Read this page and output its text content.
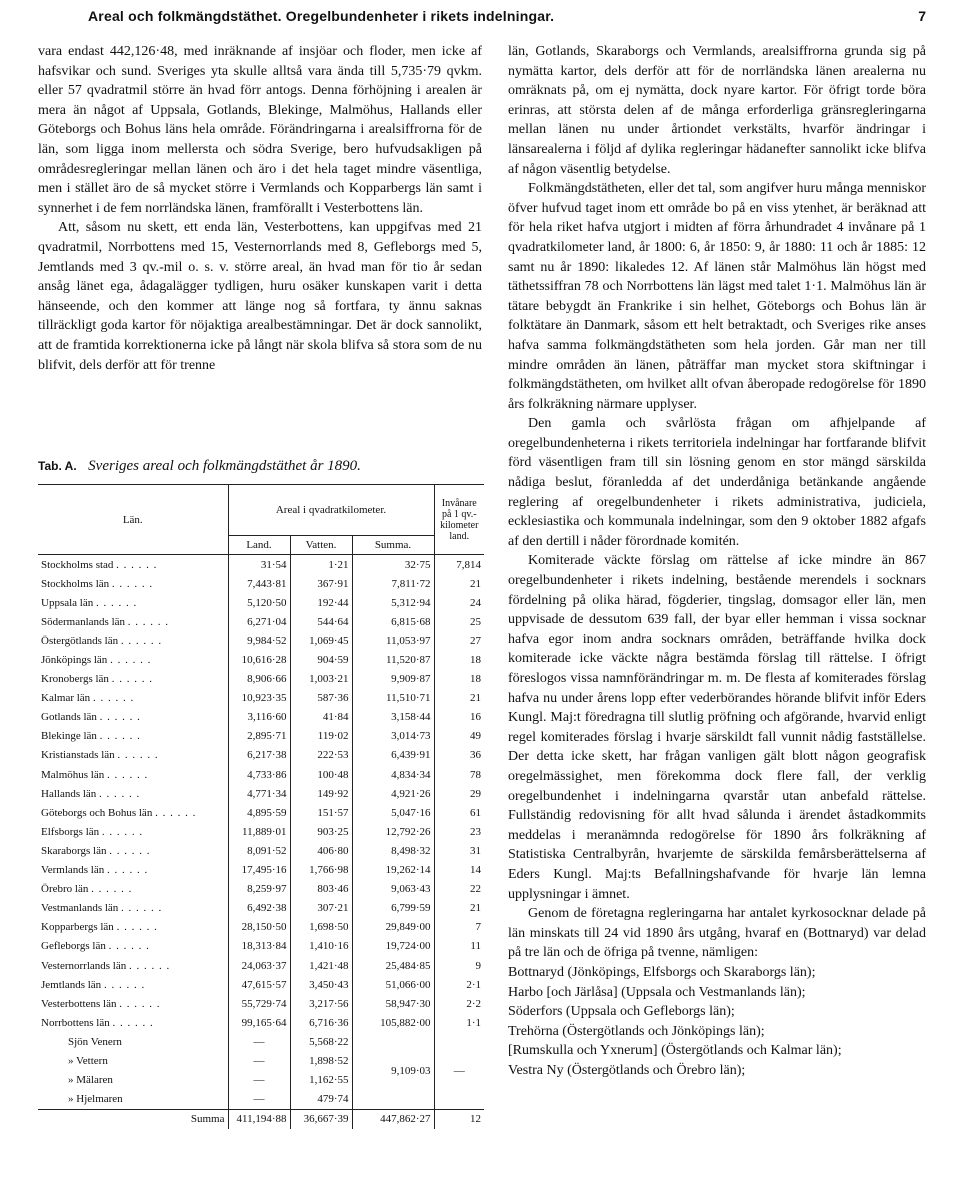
Areal och folkmängdstäthet. Oregelbundenheter i rikets indelningar.	7

vara endast 442,126·48, med inräknande af insjöar och floder, men icke af hafsvikar och sund. Sveriges yta skulle alltså vara ända till 5,735·79 qvkm. eller 57 qvadratmil större än hvad förr antogs. Denna förhöjning i arealen är mera än något af Uppsala, Gotlands, Blekinge, Malmöhus, Hallands eller Göteborgs och Bohus läns hela område. Förändringarna i arealsiffrorna för de län, som ligga inom mellersta och södra Sverige, bero hufvudsakligen på områdesregleringar mellan länen och äro i det hela taget mindre väsentliga, men i stället äro de så mycket större i Vermlands och Kopparbergs län samt i synnerhet i de fem norrländska länen, framförallt i Vesterbottens län.

Att, såsom nu skett, ett enda län, Vesterbottens, kan uppgifvas med 21 qvadratmil, Norrbottens med 15, Vesternorrlands med 8, Gefleborgs med 5, Jemtlands med 3 qv.-mil o. s. v. större areal, än hvad man för tio år sedan ansåg länet ega, ådagalägger tydligen, huru osäker kunskapen varit i detta hänseende, och den kommer att länge nog så fortfara, ty ännu saknas tillräckligt goda kartor för nöjaktiga arealbestämningar. Det är dock sannolikt, att de framtida korrektionerna icke på långt när skola blifva så stora som de nu blifvit, dels derför att för trenne

Tab. A. Sveriges areal och folkmängdstäthet år 1890.
Län.	Areal i qvadratkilometer.			Invånare på 1 qv.-kilometer land.
	Land.	Vatten.	Summa.	
Stockholms stad . . . . . .	31·54	1·21	32·75	7,814
Stockholms län . . . . . .	7,443·81	367·91	7,811·72	21
Uppsala län . . . . . .	5,120·50	192·44	5,312·94	24
Södermanlands län . . . . . .	6,271·04	544·64	6,815·68	25
Östergötlands län . . . . . .	9,984·52	1,069·45	11,053·97	27
Jönköpings län . . . . . .	10,616·28	904·59	11,520·87	18
Kronobergs län . . . . . .	8,906·66	1,003·21	9,909·87	18
Kalmar län . . . . . .	10,923·35	587·36	11,510·71	21
Gotlands län . . . . . .	3,116·60	41·84	3,158·44	16
Blekinge län . . . . . .	2,895·71	119·02	3,014·73	49
Kristianstads län . . . . . .	6,217·38	222·53	6,439·91	36
Malmöhus län . . . . . .	4,733·86	100·48	4,834·34	78
Hallands län . . . . . .	4,771·34	149·92	4,921·26	29
Göteborgs och Bohus län . . . . . .	4,895·59	151·57	5,047·16	61
Elfsborgs län . . . . . .	11,889·01	903·25	12,792·26	23
Skaraborgs län . . . . . .	8,091·52	406·80	8,498·32	31
Vermlands län . . . . . .	17,495·16	1,766·98	19,262·14	14
Örebro län . . . . . .	8,259·97	803·46	9,063·43	22
Vestmanlands län . . . . . .	6,492·38	307·21	6,799·59	21
Kopparbergs län . . . . . .	28,150·50	1,698·50	29,849·00	7
Gefleborgs län . . . . . .	18,313·84	1,410·16	19,724·00	11
Vesternorrlands län . . . . . .	24,063·37	1,421·48	25,484·85	9
Jemtlands län . . . . . .	47,615·57	3,450·43	51,066·00	2·1
Vesterbottens län . . . . . .	55,729·74	3,217·56	58,947·30	2·2
Norrbottens län . . . . . .	99,165·64	6,716·36	105,882·00	1·1
Sjön Venern	—	5,568·22	9,109·03	—
» Vettern	—	1,898·52		
» Mälaren	—	1,162·55		
» Hjelmaren	—	479·74		
Summa	411,194·88	36,667·39	447,862·27	12

län, Gotlands, Skaraborgs och Vermlands, arealsiffrorna grunda sig på nymätta kartor, dels derför att för de norrländska länen arealerna nu omräknats på, om ej nymätta, dock nyare kartor. För öfrigt torde böra erinras, att största delen af de många erforderliga gränsregleringarna mellan länen nu under årtiondet verkstälts, hvarför ändringar i länsarealerna i följd af dylika regleringar hädanefter sannolikt icke blifva af någon väsentlig betydelse.

Folkmängdstätheten, eller det tal, som angifver huru många menniskor öfver hufvud taget inom ett område bo på en viss ytenhet, är beräknad att för hela riket hafva utgjort i midten af förra århundradet 4 invånare på 1 qvadratkilometer land, år 1800: 6, år 1850: 9, år 1880: 11 och år 1885: 12 samt nu år 1890: likaledes 12. Af länen står Malmöhus län högst med täthetssiffran 78 och Norrbottens län lägst med talet 1·1. Malmöhus län är tätare bebygdt än Frankrike i sin helhet, Göteborgs och Bohus län är folktätare än Danmark, såsom ett helt betraktadt, och Sveriges rike anses hafva samma folkmängdstätheten som hela jorden. Går man ner till mindre områden än länen, påträffar man mycket stora skiftningar i folkmängdstätheten, om hvilket allt ofvan åberopade redogörelse för 1890 års folkräkning närmare upplyser.

Den gamla och svårlösta frågan om afhjelpande af oregelbundenheterna i rikets territoriela indelningar har fortfarande blifvit förd väsentligen fram till sin lösning genom en stor mängd särskilda nådiga beslut, föranledda af det underdåniga betänkande angående reglering af oregelbundenheter i rikets administrativa, judiciela, ecklesiastika och kommunala indelningar, som den 9 oktober 1882 afgafs af den dertill i nåder förordnade komitén.

Komiterade väckte förslag om rättelse af icke mindre än 867 oregelbundenheter i rikets indelning, bestående merendels i socknars fördelning på olika härad, fögderier, tingslag, domsagor eller län, men uppvisade de dessutom 639 fall, der byar eller hemman i vissa socknar hafva egor inom andra socknars områden, beträffande hvilka dock komiterade icke väckte några bestämda förslag till rättelse. I öfrigt föreslogos vissa namnförändringar m. m. De flesta af komiterades förslag hafva nu under årens lopp efter vederbörandes hörande blifvit inför Eders Kungl. Maj:t föredragna till slutlig pröfning och afgörande, hvarvid enligt regel komiterades förslag i hvarje särskildt fall vunnit nådig fastställelse. Der detta icke skett, har frågan vanligen gält blott någon geografisk oregelmässighet, men förekomma dock flere fall, der verklig oregelbundenhet i indelningarna qvarstår utan anbefald rättelse. Fullständig redovisning för allt hvad sålunda i ärendet åstadkommits meddelas i meranämnda redogörelse för 1890 års folkräkning af Statistiska Centralbyrån, hvarjemte de särskilda femårsberättelserna af Eders Kungl. Maj:ts Befallningshafvande för hvarje län lemna upplysningar i ämnet.

Genom de företagna regleringarna har antalet kyrkosocknar delade på län minskats till 24 vid 1890 års utgång, hvaraf en (Bottnaryd) var delad på tre län och de öfriga på tvenne, nämligen:

Bottnaryd (Jönköpings, Elfsborgs och Skaraborgs län);
Harbo [och Järlåsa] (Uppsala och Vestmanlands län);
Söderfors (Uppsala och Gefleborgs län);
Trehörna (Östergötlands och Jönköpings län);
[Rumskulla och Yxnerum] (Östergötlands och Kalmar län);
Vestra Ny (Östergötlands och Örebro län);
